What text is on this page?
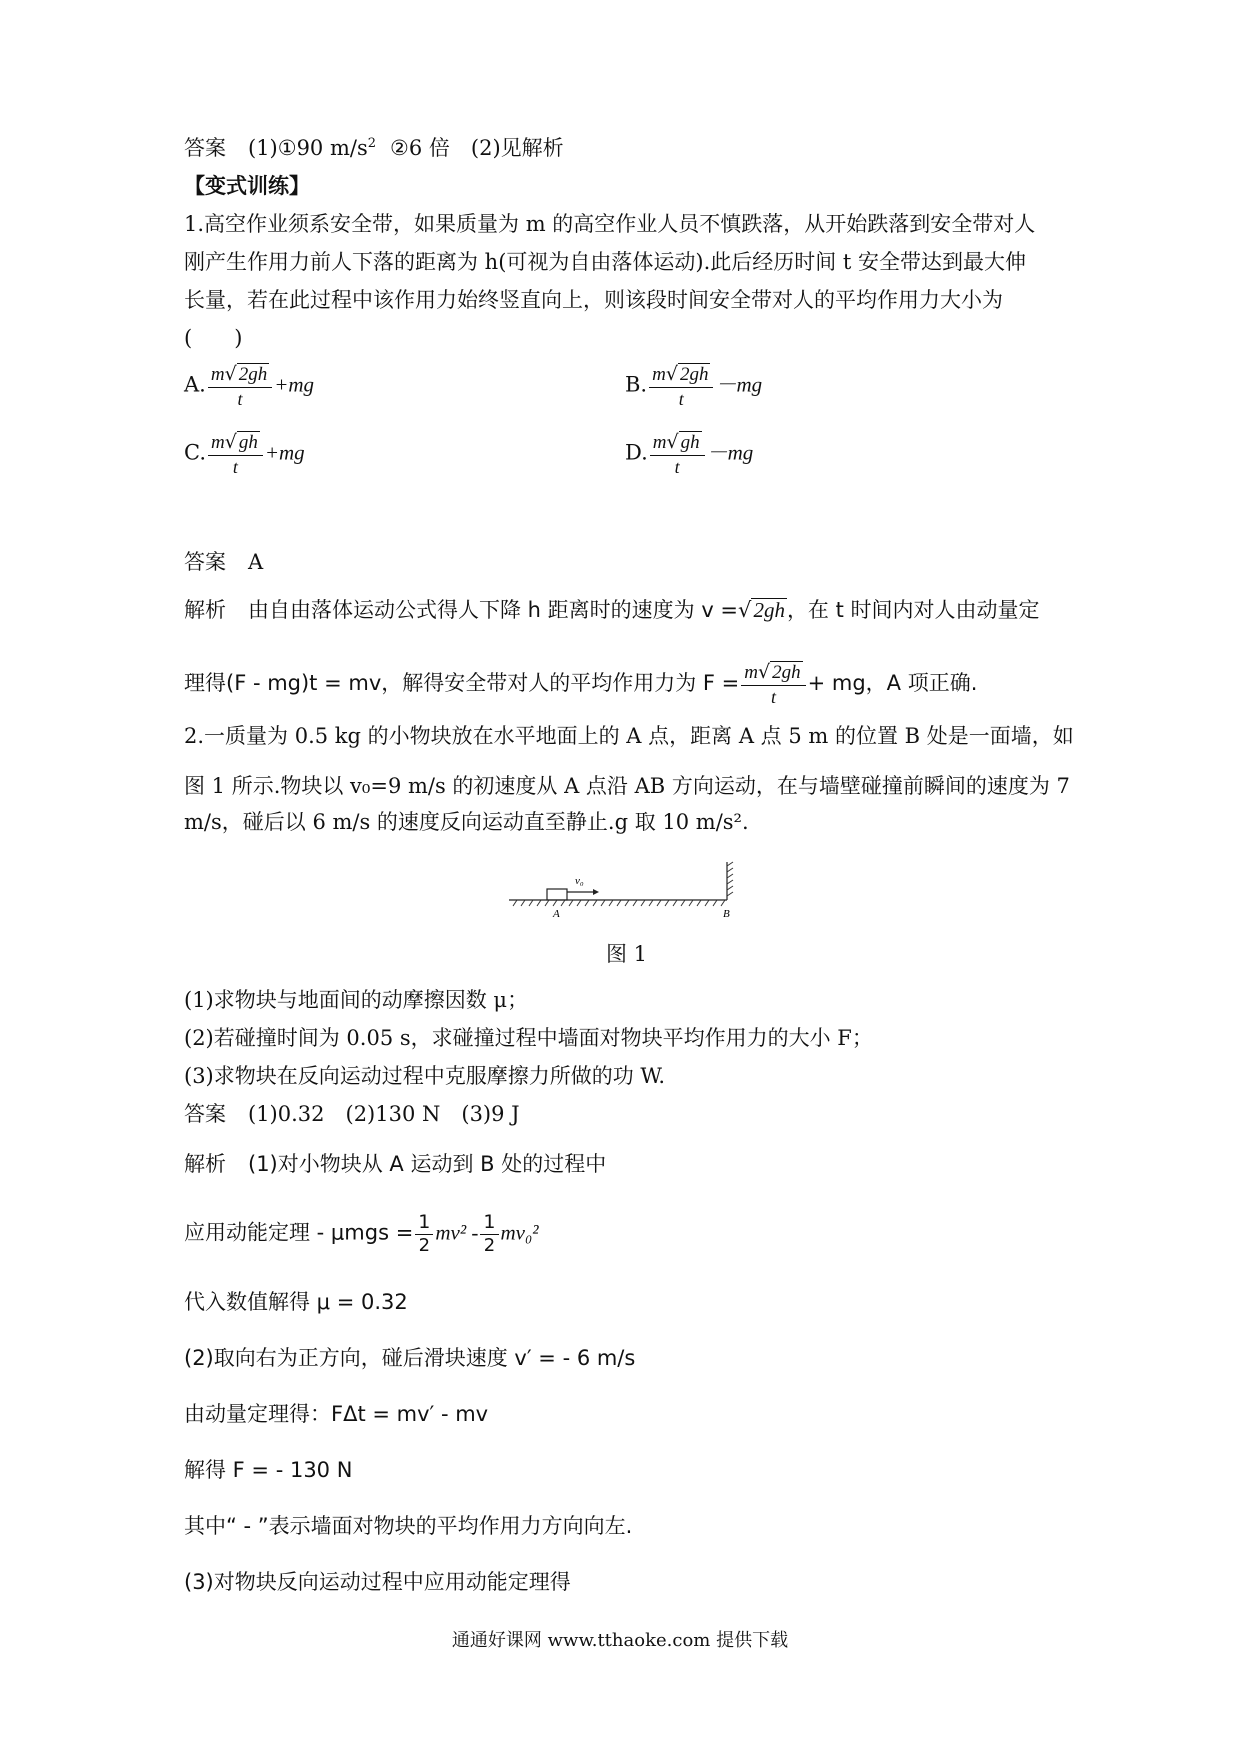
答案 (1)①90 $m/s^2$ ②6 倍　(2)见解析
【变式训练】
1.高空作业须系安全带，如果质量为 m 的高空作业人员不慎跌落，从开始跌落到安全带对人
刚产生作用力前人下落的距离为 h(可视为自由落体运动).此后经历时间 t 安全带达到最大伸
长量，若在此过程中该作用力始终竖直向上，则该段时间安全带对人的平均作用力大小为
(　　)
A. $\frac{m√ 2gh}{t} +mg$	B. $\frac{m√ 2gh}{t} -mg$
C. $\frac{m√ gh}{t} +mg$	D. $\frac{m√ gh}{t} -mg$
答案 A
解析 由自由落体运动公式得人下降 h 距离时的速度为 v =√2gh，在 t 时间内对人由动量定
理得(F - mg)t = mv，解得安全带对人的平均作用力为 $F = \frac{m√ 2gh}{t}$ + mg，A 项正确.
2.一质量为 0.5 kg 的小物块放在水平地面上的 A 点，距离 A 点 5 m 的位置 B 处是一面墙，如
图 1 所示.物块以 v₀=9 m/s 的初速度从 A 点沿 AB 方向运动，在与墙壁碰撞前瞬间的速度为 7
m/s，碰后以 6 m/s 的速度反向运动直至静止.g 取 10 m/s².
v₀
A	B
图 1
(1)求物块与地面间的动摩擦因数 μ；
(2)若碰撞时间为 0.05 s，求碰撞过程中墙面对物块平均作用力的大小 F；
(3)求物块在反向运动过程中克服摩擦力所做的功 W.
答案 (1)0.32　(2)130 N　(3)9 J
解析 (1)对小物块从 A 运动到 B 处的过程中
应用动能定理 - $\mu mgs = \frac{1}{2} mv^2 - \frac{1}{2} mv_0^2$
代入数值解得 μ = 0.32
(2)取向右为正方向，碰后滑块速度 v′ = - 6 m/s
由动量定理得：FΔt = mv′ - mv
解得 F = - 130 N
其中“ - ”表示墙面对物块的平均作用力方向向左.
(3)对物块反向运动过程中应用动能定理得
通通好课网 www.tthaoke.com 提供下载
